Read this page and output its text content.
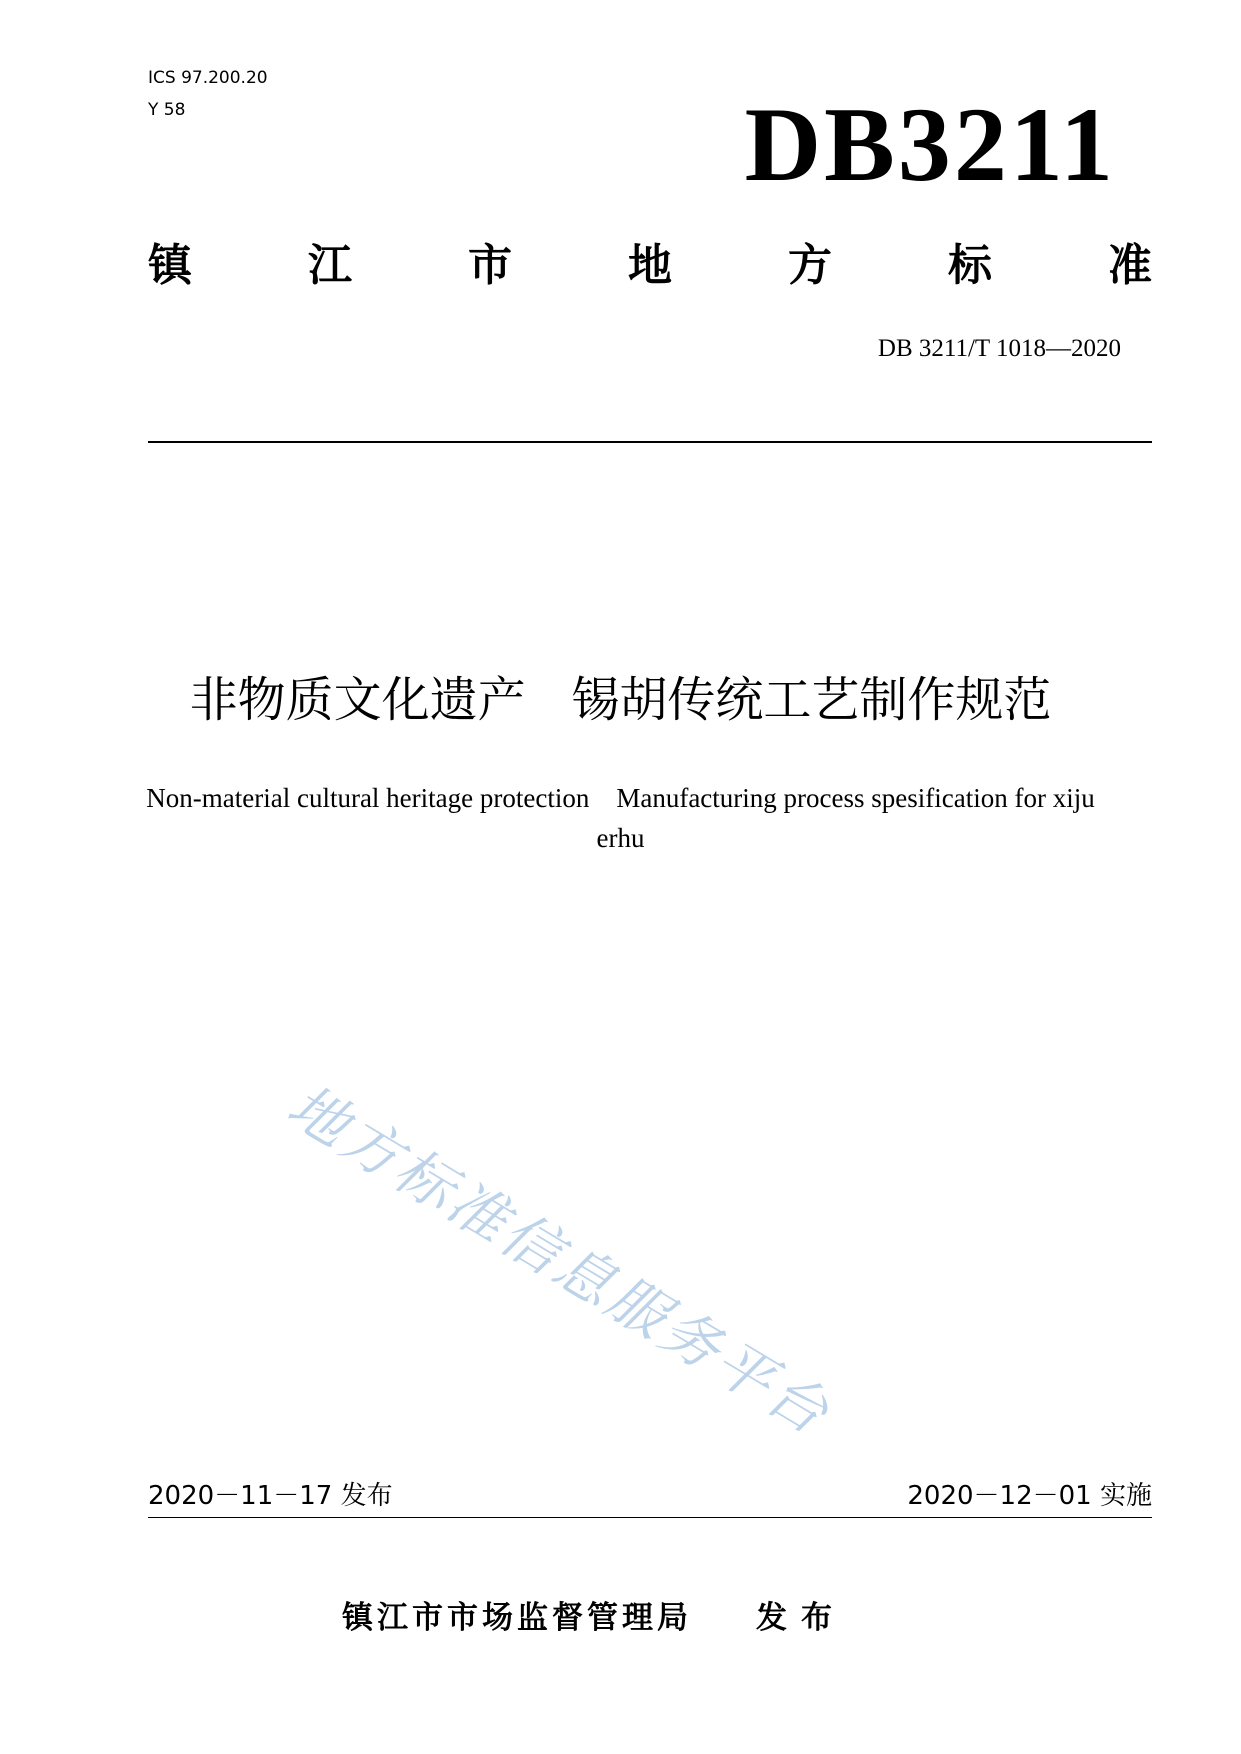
ICS 97.200.20
Y 58	DB3211
镇	江	市	地	方	标	准
DB 3211/T 1018—2020
非物质文化遗产   锡胡传统工艺制作规范
Non-material cultural heritage protection    Manufacturing process spesification for xiju erhu
地方标准信息服务平台
2020－11－17 发布	2020－12－01 实施
镇江市市场监督管理局 发布
